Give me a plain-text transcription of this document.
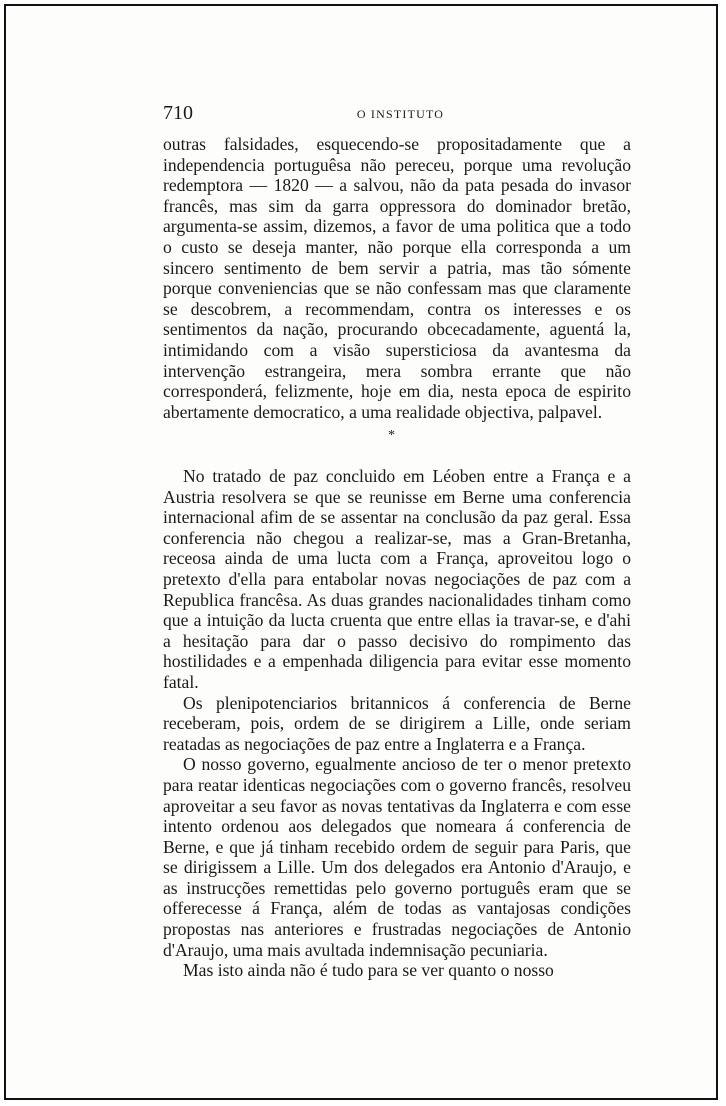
710	O INSTITUTO

outras falsidades, esquecendo-se propositadamente que a independencia portuguêsa não pereceu, porque uma revolução redemptora — 1820 — a salvou, não da pata pesada do invasor francês, mas sim da garra oppressora do dominador bretão, argumenta-se assim, dizemos, a favor de uma politica que a todo o custo se deseja manter, não porque ella corresponda a um sincero sentimento de bem servir a patria, mas tão sómente porque conveniencias que se não confessam mas que claramente se descobrem, a recommendam, contra os interesses e os sentimentos da nação, procurando obcecadamente, aguentá la, intimidando com a visão supersticiosa da avantesma da intervenção estrangeira, mera sombra errante que não corresponderá, felizmente, hoje em dia, nesta epoca de espirito abertamente democratico, a uma realidade objectiva, palpavel.

*

No tratado de paz concluido em Léoben entre a França e a Austria resolvera se que se reunisse em Berne uma conferencia internacional afim de se assentar na conclusão da paz geral. Essa conferencia não chegou a realizar-se, mas a Gran-Bretanha, receosa ainda de uma lucta com a França, aproveitou logo o pretexto d'ella para entabolar novas negociações de paz com a Republica francêsa. As duas grandes nacionalidades tinham como que a intuição da lucta cruenta que entre ellas ia travar-se, e d'ahi a hesitação para dar o passo decisivo do rompimento das hostilidades e a empenhada diligencia para evitar esse momento fatal.

Os plenipotenciarios britannicos á conferencia de Berne receberam, pois, ordem de se dirigirem a Lille, onde seriam reatadas as negociações de paz entre a Inglaterra e a França.

O nosso governo, egualmente ancioso de ter o menor pretexto para reatar identicas negociações com o governo francês, resolveu aproveitar a seu favor as novas tentativas da Inglaterra e com esse intento ordenou aos delegados que nomeara á conferencia de Berne, e que já tinham recebido ordem de seguir para Paris, que se dirigissem a Lille. Um dos delegados era Antonio d'Araujo, e as instrucções remettidas pelo governo português eram que se offerecesse á França, além de todas as vantajosas condições propostas nas anteriores e frustradas negociações de Antonio d'Araujo, uma mais avultada indemnisação pecuniaria.

Mas isto ainda não é tudo para se ver quanto o nosso
